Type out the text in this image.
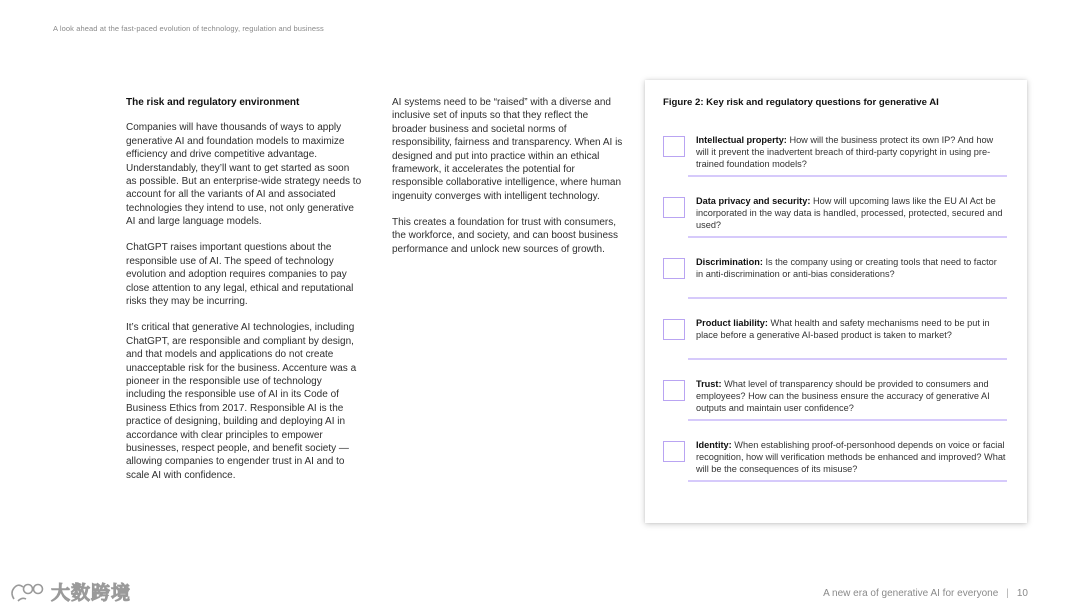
A look ahead at the fast-paced evolution of technology, regulation and business
The risk and regulatory environment

Companies will have thousands of ways to apply generative AI and foundation models to maximize efficiency and drive competitive advantage. Understandably, they’ll want to get started as soon as possible. But an enterprise-wide strategy needs to account for all the variants of AI and associated technologies they intend to use, not only generative AI and large language models.

ChatGPT raises important questions about the responsible use of AI. The speed of technology evolution and adoption requires companies to pay close attention to any legal, ethical and reputational risks they may be incurring.

It’s critical that generative AI technologies, including ChatGPT, are responsible and compliant by design, and that models and applications do not create unacceptable risk for the business. Accenture was a pioneer in the responsible use of technology including the responsible use of AI in its Code of Business Ethics from 2017. Responsible AI is the practice of designing, building and deploying AI in accordance with clear principles to empower businesses, respect people, and benefit society — allowing companies to engender trust in AI and to scale AI with confidence.

AI systems need to be “raised” with a diverse and inclusive set of inputs so that they reflect the broader business and societal norms of responsibility, fairness and transparency. When AI is designed and put into practice within an ethical framework, it accelerates the potential for responsible collaborative intelligence, where human ingenuity converges with intelligent technology.

This creates a foundation for trust with consumers, the workforce, and society, and can boost business performance and unlock new sources of growth.

Figure 2: Key risk and regulatory questions for generative AI
Intellectual property: How will the business protect its own IP? And how will it prevent the inadvertent breach of third-party copyright in using pre-trained foundation models?
Data privacy and security: How will upcoming laws like the EU AI Act be incorporated in the way data is handled, processed, protected, secured and used?
Discrimination: Is the company using or creating tools that need to factor in anti-discrimination or anti-bias considerations?
Product liability: What health and safety mechanisms need to be put in place before a generative AI-based product is taken to market?
Trust: What level of transparency should be provided to consumers and employees? How can the business ensure the accuracy of generative AI outputs and maintain user confidence?
Identity: When establishing proof-of-personhood depends on voice or facial recognition, how will verification methods be enhanced and improved? What will be the consequences of its misuse?
大数跨境	A new era of generative AI for everyone | 10
